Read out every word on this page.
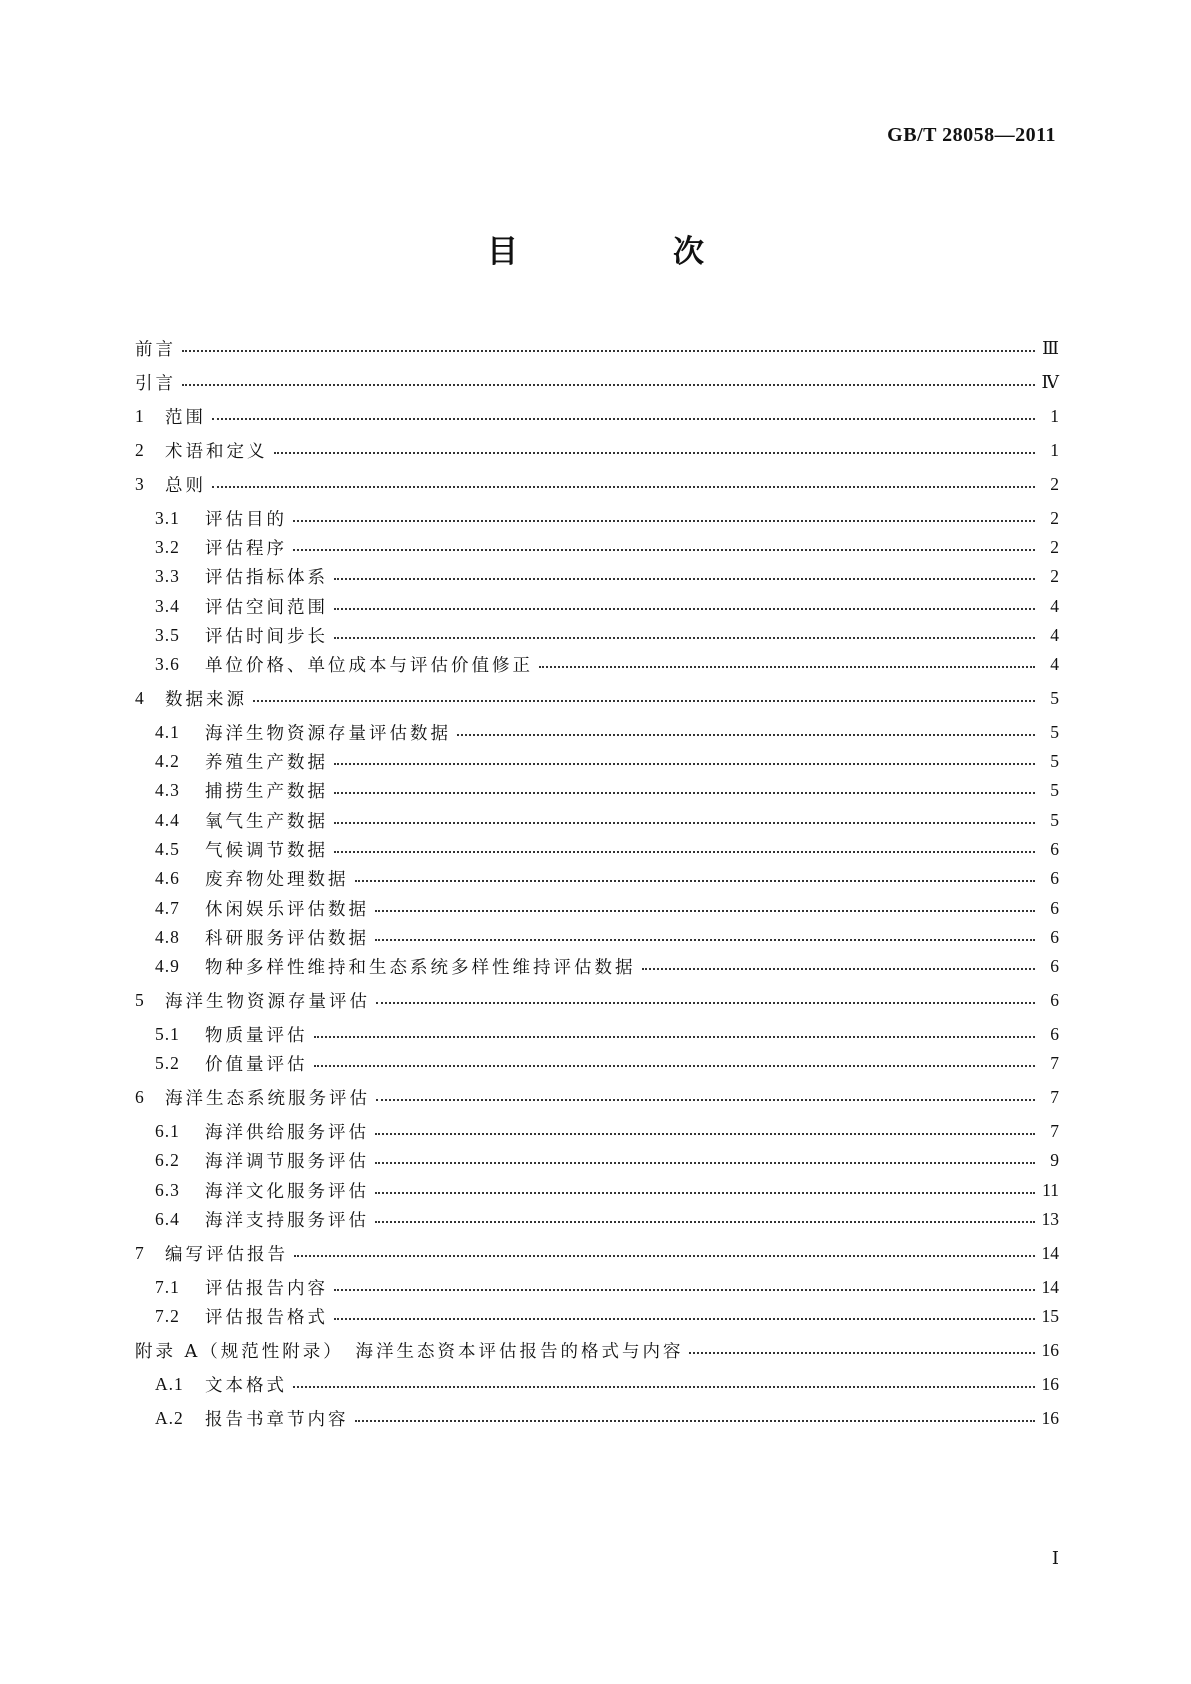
GB/T 28058—2011
目　次
前言	Ⅲ
引言	Ⅳ
1	范围	1
2	术语和定义	1
3	总则	2
3.1	评估目的	2
3.2	评估程序	2
3.3	评估指标体系	2
3.4	评估空间范围	4
3.5	评估时间步长	4
3.6	单位价格、单位成本与评估价值修正	4
4	数据来源	5
4.1	海洋生物资源存量评估数据	5
4.2	养殖生产数据	5
4.3	捕捞生产数据	5
4.4	氧气生产数据	5
4.5	气候调节数据	6
4.6	废弃物处理数据	6
4.7	休闲娱乐评估数据	6
4.8	科研服务评估数据	6
4.9	物种多样性维持和生态系统多样性维持评估数据	6
5	海洋生物资源存量评估	6
5.1	物质量评估	6
5.2	价值量评估	7
6	海洋生态系统服务评估	7
6.1	海洋供给服务评估	7
6.2	海洋调节服务评估	9
6.3	海洋文化服务评估	11
6.4	海洋支持服务评估	13
7	编写评估报告	14
7.1	评估报告内容	14
7.2	评估报告格式	15
附录 A（规范性附录）　海洋生态资本评估报告的格式与内容	16
A.1	文本格式	16
A.2	报告书章节内容	16
Ⅰ
